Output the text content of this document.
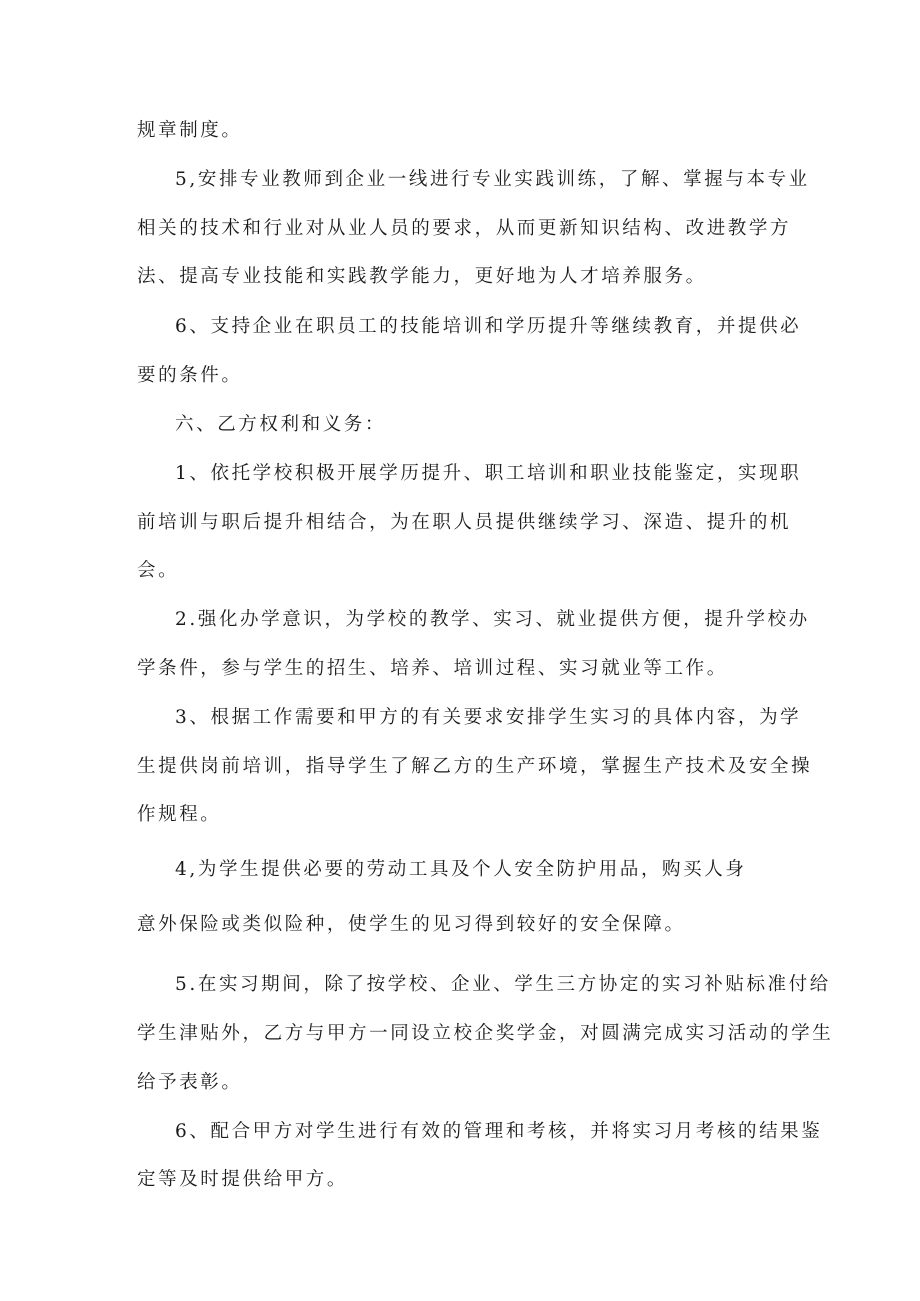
规章制度。
5,安排专业教师到企业一线进行专业实践训练，了解、掌握与本专业
相关的技术和行业对从业人员的要求，从而更新知识结构、改进教学方
法、提高专业技能和实践教学能力，更好地为人才培养服务。
6、支持企业在职员工的技能培训和学历提升等继续教育，并提供必
要的条件。
六、乙方权利和义务：
1、依托学校积极开展学历提升、职工培训和职业技能鉴定，实现职
前培训与职后提升相结合，为在职人员提供继续学习、深造、提升的机
会。
2.强化办学意识，为学校的教学、实习、就业提供方便，提升学校办
学条件，参与学生的招生、培养、培训过程、实习就业等工作。
3、根据工作需要和甲方的有关要求安排学生实习的具体内容，为学
生提供岗前培训，指导学生了解乙方的生产环境，掌握生产技术及安全操
作规程。
4,为学生提供必要的劳动工具及个人安全防护用品，购买人身
意外保险或类似险种，使学生的见习得到较好的安全保障。
5.在实习期间，除了按学校、企业、学生三方协定的实习补贴标准付给
学生津贴外，乙方与甲方一同设立校企奖学金，对圆满完成实习活动的学生
给予表彰。
6、配合甲方对学生进行有效的管理和考核，并将实习月考核的结果鉴
定等及时提供给甲方。
